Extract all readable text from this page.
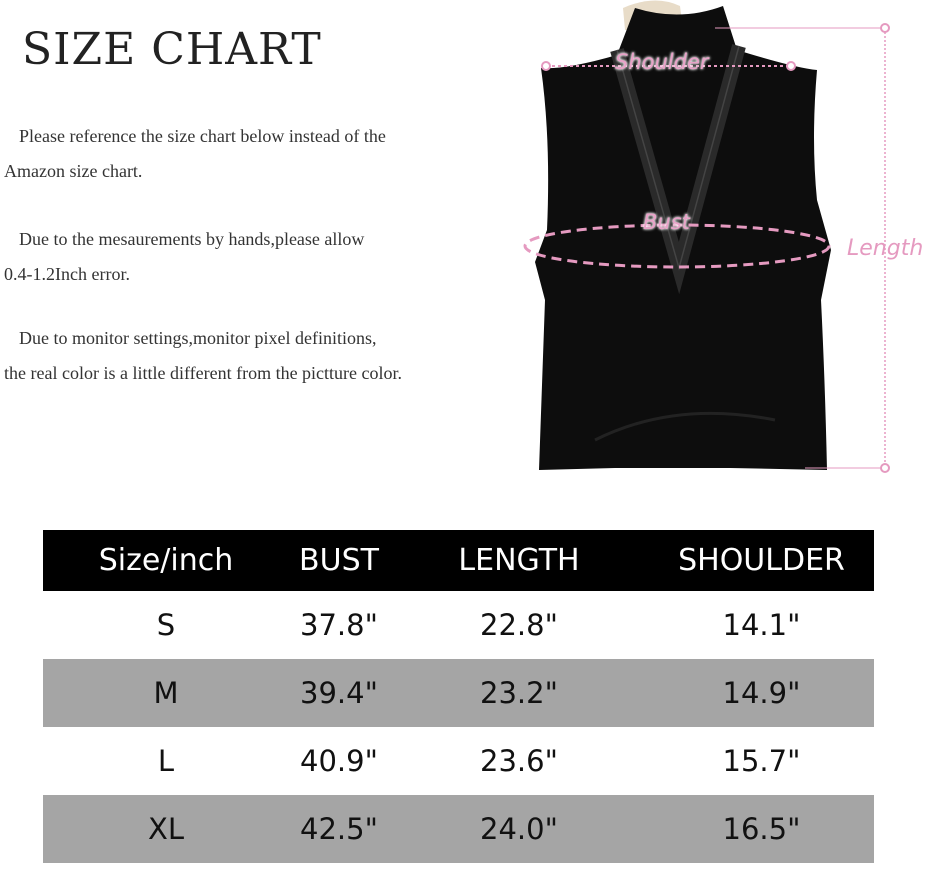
SIZE CHART

Please reference the size chart below instead of the
Amazon size chart.

Due to the mesaurements by hands,please allow
0.4-1.2Inch error.

Due to monitor settings,monitor pixel definitions,
the real color is a little different from the pictture color.

Shoulder
Bust
Length
Size/inch	BUST	LENGTH	SHOULDER
S	37.8"	22.8"	14.1"
M	39.4"	23.2"	14.9"
L	40.9"	23.6"	15.7"
XL	42.5"	24.0"	16.5"
